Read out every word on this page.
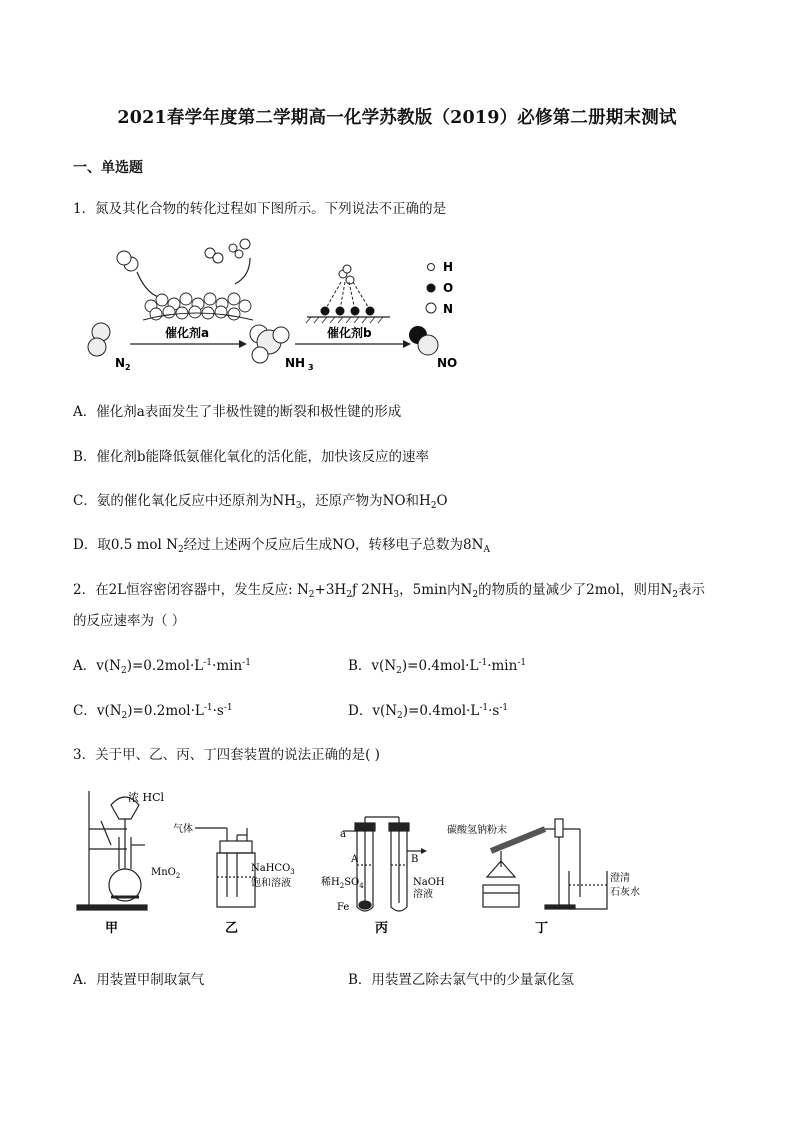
2021春学年度第二学期高一化学苏教版（2019）必修第二册期末测试
一、单选题
1．氮及其化合物的转化过程如下图所示。下列说法不正确的是
N 2
催化剂a
NH 3
催化剂b
NO
H
O
N
A．催化剂a表面发生了非极性键的断裂和极性键的形成
B．催化剂b能降低氨催化氧化的活化能，加快该反应的速率
C．氨的催化氧化反应中还原剂为$NH_3$，还原产物为NO和$H_2O$
D．取0.5 mol $N_2$经过上述两个反应后生成NO，转移电子总数为$8N_A$
2．在2L恒容密闭容器中，发生反应: $N_2+3H_2ƒ$ $2NH_3$，5min内$N_2$的物质的量减少了2mol，则用$N_2$表示
的反应速率为（ ）
A．$v(N_2)=0.2mol\cdot L^{-1}\cdot\min^{-1}$	B．$v(N_2)=0.4mol\cdot L^{-1}\cdot\min^{-1}$
C．$v(N_2)=0.2mol\cdot L^{-1}\cdot s^{-1}$	D．$v(N_2)=0.4mol\cdot L^{-1}\cdot s^{-1}$
3．关于甲、乙、丙、丁四套装置的说法正确的是( )
浓 HCl
MnO$_2$
甲
气体
NaHCO$_3$
饱和溶液
乙
a
A	B
稀$H_2SO_4$
Fe
NaOH
溶液
丙
碳酸氢钠粉末
澄清
石灰水
丁
A．用装置甲制取氯气	B．用装置乙除去氯气中的少量氯化氢
